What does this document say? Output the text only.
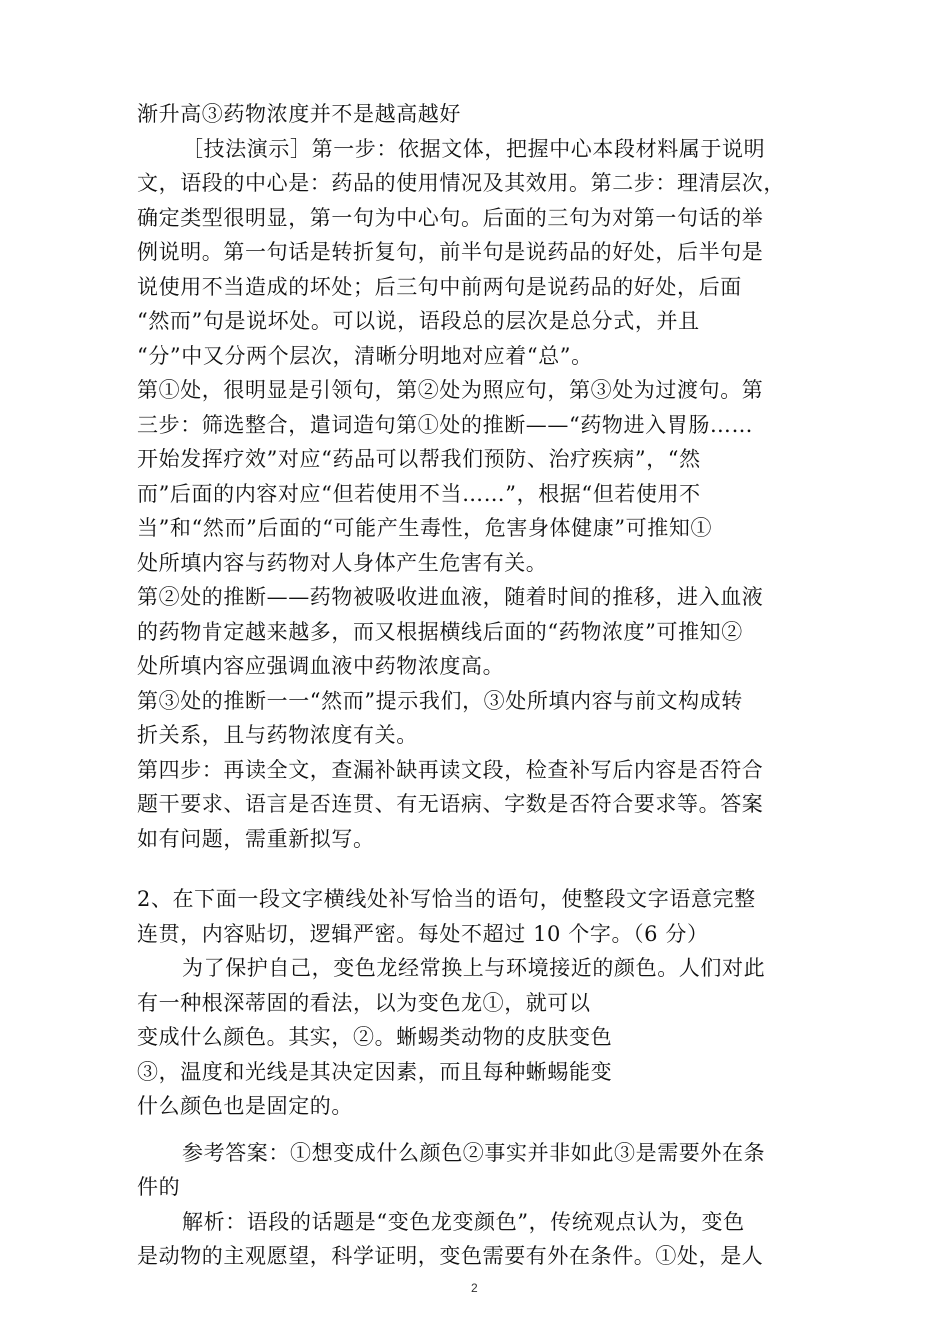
渐升高③药物浓度并不是越高越好
［技法演示］第一步：依据文体，把握中心本段材料属于说明
文，语段的中心是：药品的使用情况及其效用。第二步：理清层次，
确定类型很明显，第一句为中心句。后面的三句为对第一句话的举
例说明。第一句话是转折复句，前半句是说药品的好处，后半句是
说使用不当造成的坏处；后三句中前两句是说药品的好处，后面
“然而”句是说坏处。可以说，语段总的层次是总分式，并且
“分”中又分两个层次，清晰分明地对应着“总”。
第①处，很明显是引领句，第②处为照应句，第③处为过渡句。第
三步：筛选整合，遣词造句第①处的推断——“药物进入胃肠……
开始发挥疗效”对应“药品可以帮我们预防、治疗疾病”，“然
而”后面的内容对应“但若使用不当……”，根据“但若使用不
当”和“然而”后面的“可能产生毒性，危害身体健康”可推知①
处所填内容与药物对人身体产生危害有关。
第②处的推断——药物被吸收进血液，随着时间的推移，进入血液
的药物肯定越来越多，而又根据横线后面的“药物浓度”可推知②
处所填内容应强调血液中药物浓度高。
第③处的推断一一“然而”提示我们，③处所填内容与前文构成转
折关系，且与药物浓度有关。
第四步：再读全文，查漏补缺再读文段，检查补写后内容是否符合
题干要求、语言是否连贯、有无语病、字数是否符合要求等。答案
如有问题，需重新拟写。
2、在下面一段文字横线处补写恰当的语句，使整段文字语意完整
连贯，内容贴切，逻辑严密。每处不超过 10 个字。（6 分）
为了保护自己，变色龙经常换上与环境接近的颜色。人们对此
有一种根深蒂固的看法，以为变色龙①，就可以
变成什么颜色。其实，②。蜥蜴类动物的皮肤变色
③，温度和光线是其决定因素，而且每种蜥蜴能变
什么颜色也是固定的。
参考答案：①想变成什么颜色②事实并非如此③是需要外在条
件的
解析：语段的话题是“变色龙变颜色”，传统观点认为，变色
是动物的主观愿望，科学证明，变色需要有外在条件。①处，是人
2
